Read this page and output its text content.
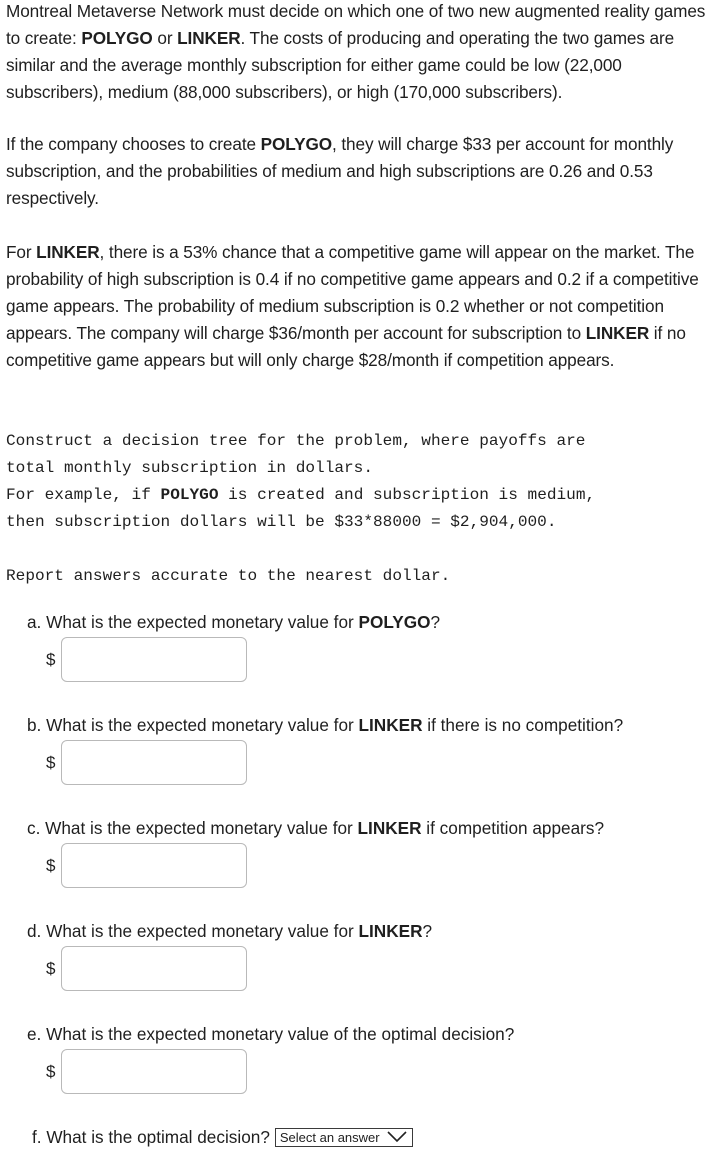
Montreal Metaverse Network must decide on which one of two new augmented reality games to create: POLYGO or LINKER. The costs of producing and operating the two games are similar and the average monthly subscription for either game could be low (22,000 subscribers), medium (88,000 subscribers), or high (170,000 subscribers).

If the company chooses to create POLYGO, they will charge $33 per account for monthly subscription, and the probabilities of medium and high subscriptions are 0.26 and 0.53 respectively.

For LINKER, there is a 53% chance that a competitive game will appear on the market. The probability of high subscription is 0.4 if no competitive game appears and 0.2 if a competitive game appears. The probability of medium subscription is 0.2 whether or not competition appears. The company will charge $36/month per account for subscription to LINKER if no competitive game appears but will only charge $28/month if competition appears.

Construct a decision tree for the problem, where payoffs are
total monthly subscription in dollars.
For example, if POLYGO is created and subscription is medium,
then subscription dollars will be $33*88000 = $2,904,000.
Report answers accurate to the nearest dollar.

a. What is the expected monetary value for POLYGO?

$

b. What is the expected monetary value for LINKER if there is no competition?

$

c. What is the expected monetary value for LINKER if competition appears?

$

d. What is the expected monetary value for LINKER?

$

e. What is the expected monetary value of the optimal decision?

$
f. What is the optimal decision? Select an answer
